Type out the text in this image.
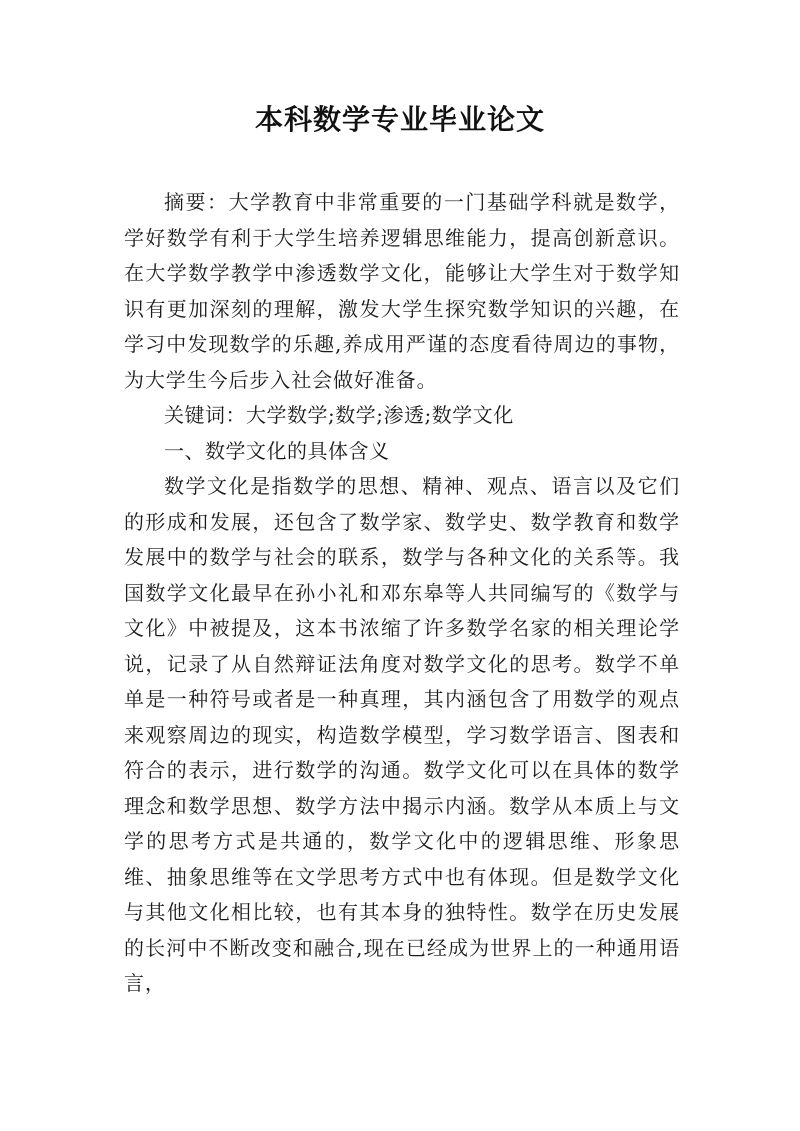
本科数学专业毕业论文

摘要：大学教育中非常重要的一门基础学科就是数学，学好数学有利于大学生培养逻辑思维能力，提高创新意识。在大学数学教学中渗透数学文化，能够让大学生对于数学知识有更加深刻的理解，激发大学生探究数学知识的兴趣，在学习中发现数学的乐趣,养成用严谨的态度看待周边的事物，为大学生今后步入社会做好准备。

关键词：大学数学;数学;渗透;数学文化

一、数学文化的具体含义

数学文化是指数学的思想、精神、观点、语言以及它们的形成和发展，还包含了数学家、数学史、数学教育和数学发展中的数学与社会的联系，数学与各种文化的关系等。我国数学文化最早在孙小礼和邓东皋等人共同编写的《数学与文化》中被提及，这本书浓缩了许多数学名家的相关理论学说，记录了从自然辩证法角度对数学文化的思考。数学不单单是一种符号或者是一种真理，其内涵包含了用数学的观点来观察周边的现实，构造数学模型，学习数学语言、图表和符合的表示，进行数学的沟通。数学文化可以在具体的数学理念和数学思想、数学方法中揭示内涵。数学从本质上与文学的思考方式是共通的，数学文化中的逻辑思维、形象思维、抽象思维等在文学思考方式中也有体现。但是数学文化与其他文化相比较，也有其本身的独特性。数学在历史发展的长河中不断改变和融合,现在已经成为世界上的一种通用语言，
